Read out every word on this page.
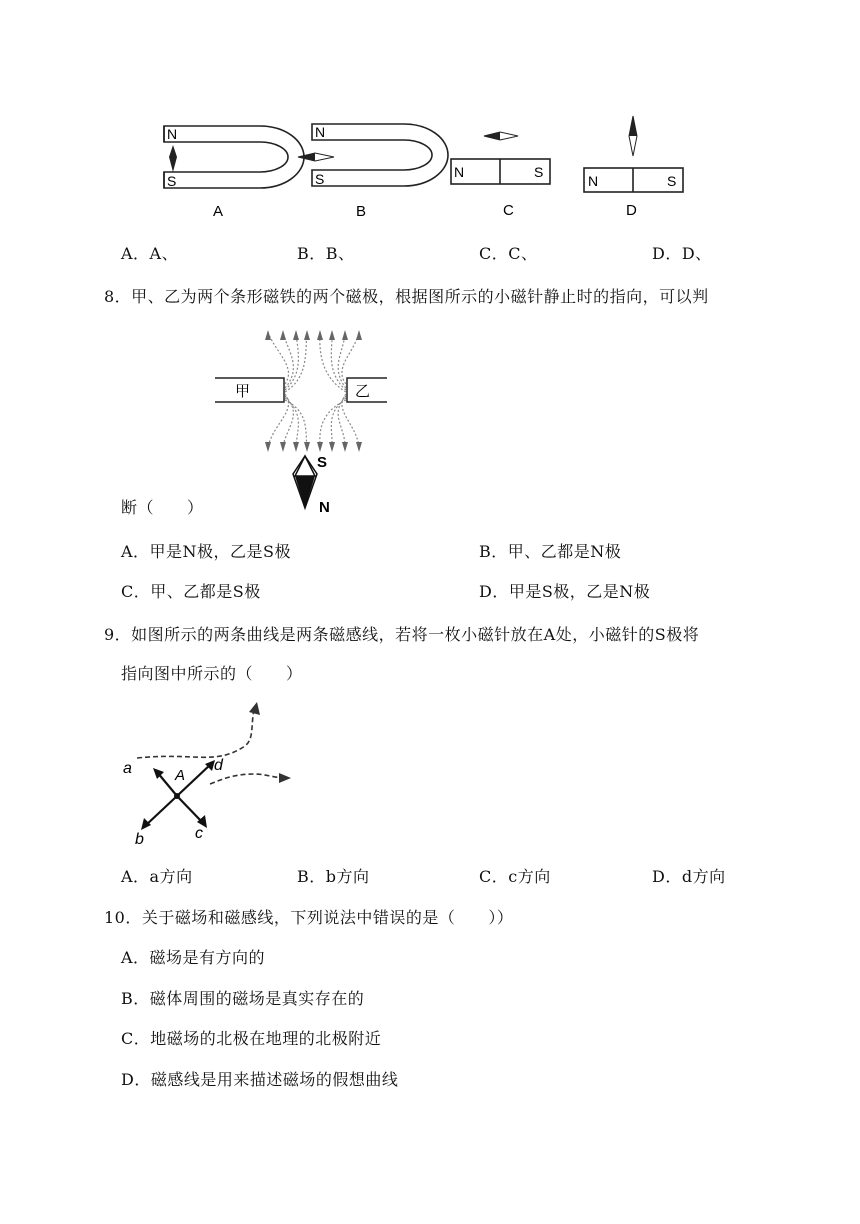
N
S
A
N
S
B
N	S
C
N	S
D
A．A、	B．B、	C．C、	D．D、
8．甲、乙为两个条形磁铁的两个磁极，根据图所示的小磁针静止时的指向，可以判
甲	乙
S
N
断（　　）
A．甲是N极，乙是S极	B．甲、乙都是N极
C．甲、乙都是S极	D．甲是S极，乙是N极
9．如图所示的两条曲线是两条磁感线，若将一枚小磁针放在A处，小磁针的S极将
指向图中所示的（　　）
a	A
d
b	c
A．a方向	B．b方向	C．c方向	D．d方向
10．关于磁场和磁感线，下列说法中错误的是（　　））
A．磁场是有方向的
B．磁体周围的磁场是真实存在的
C．地磁场的北极在地理的北极附近
D．磁感线是用来描述磁场的假想曲线
